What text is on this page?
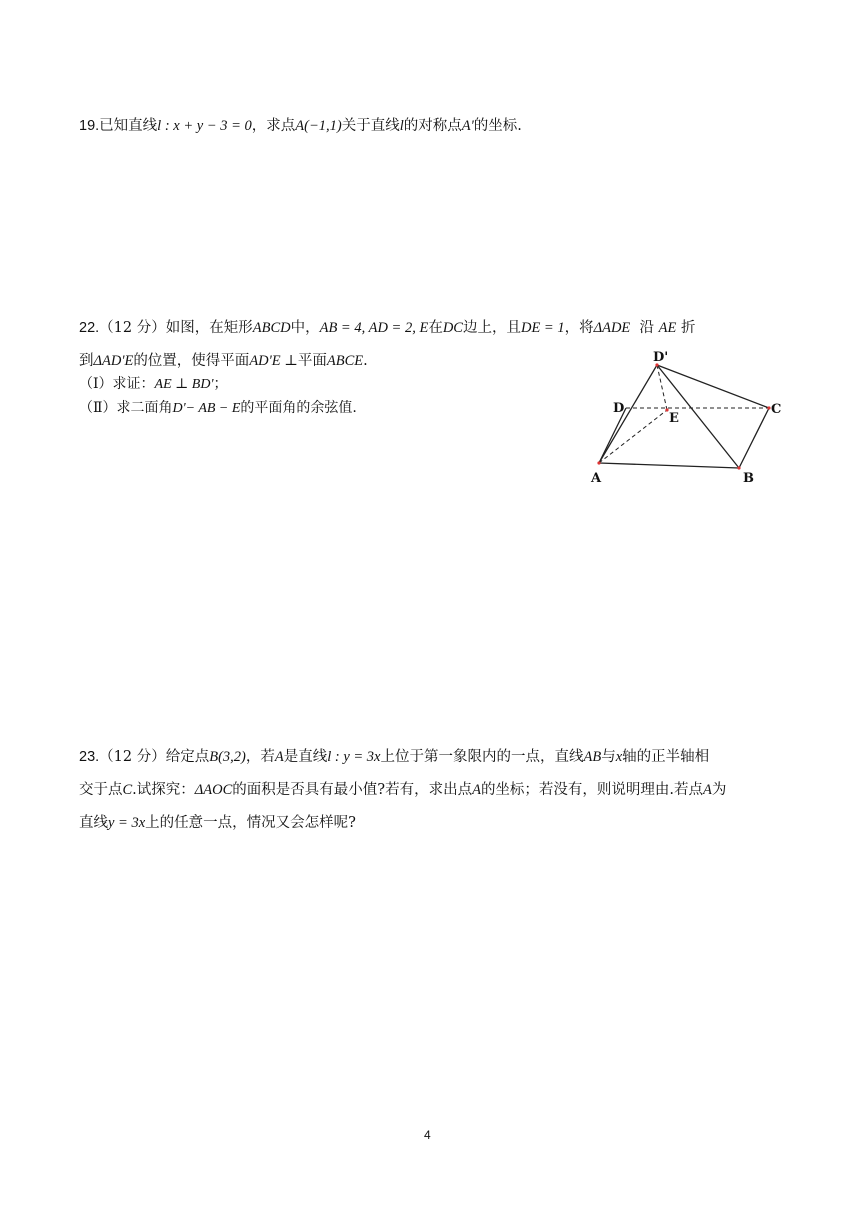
19.已知直线l : x + y − 3 = 0，求点A(−1,1)关于直线l的对称点A'的坐标.
22.（12 分）如图，在矩形ABCD中，AB = 4, AD = 2, E在DC边上，且DE = 1，将ΔADE 沿 AE 折
到ΔAD'E的位置，使得平面AD'E ⊥平面ABCE.
（Ⅰ）求证：AE ⊥ BD'；
（Ⅱ）求二面角D'− AB − E的平面角的余弦值.
D'
D
E
C
A	B
23.（12 分）给定点B(3,2)，若A是直线l : y = 3x上位于第一象限内的一点，直线AB与x轴的正半轴相
交于点C.试探究：ΔAOC的面积是否具有最小值?若有，求出点A的坐标；若没有，则说明理由.若点A为
直线y = 3x上的任意一点，情况又会怎样呢?
4
